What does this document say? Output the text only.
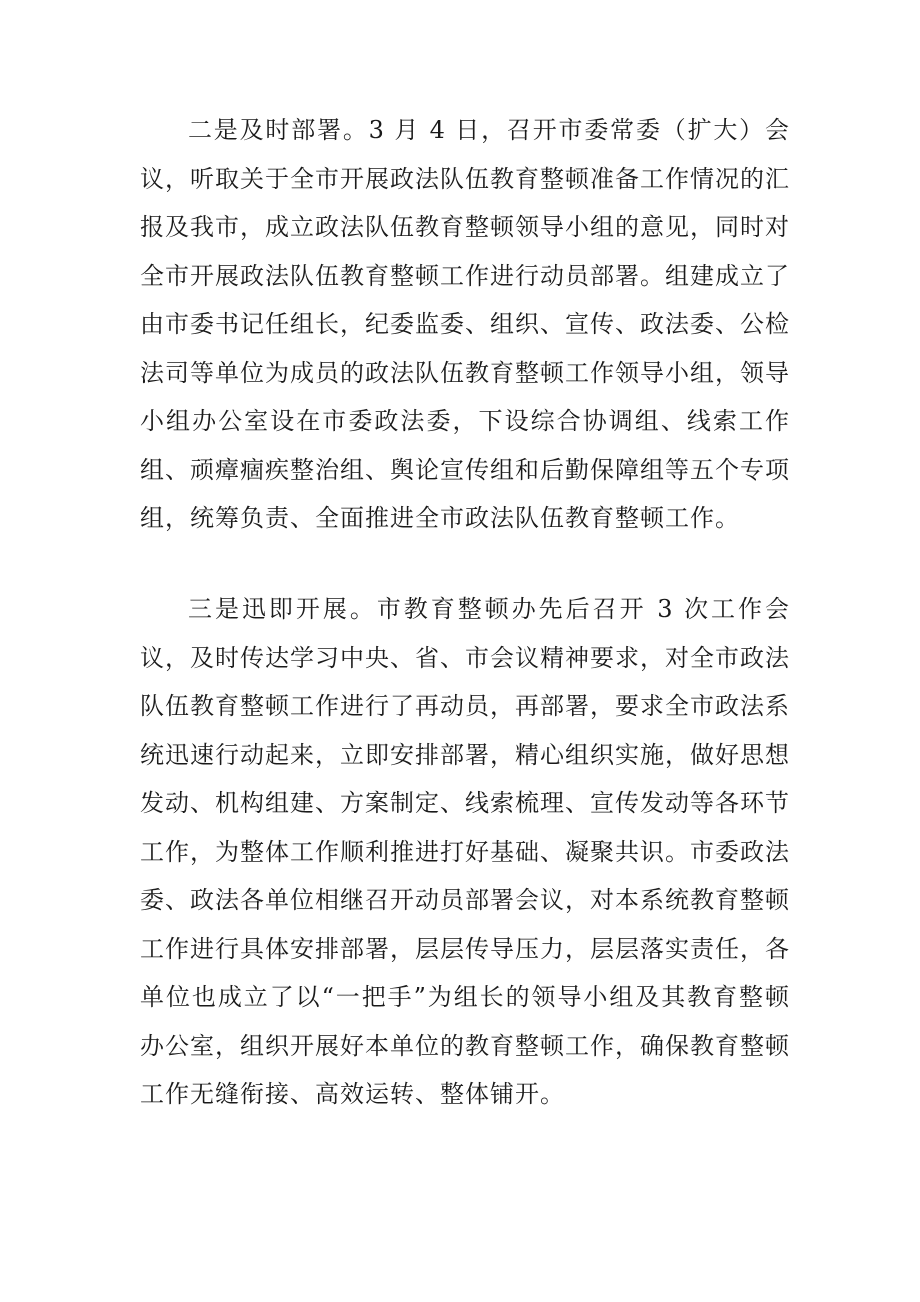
二是及时部署。3 月 4 日，召开市委常委（扩大）会议，听取关于全市开展政法队伍教育整顿准备工作情况的汇报及我市，成立政法队伍教育整顿领导小组的意见，同时对全市开展政法队伍教育整顿工作进行动员部署。组建成立了由市委书记任组长，纪委监委、组织、宣传、政法委、公检法司等单位为成员的政法队伍教育整顿工作领导小组，领导小组办公室设在市委政法委，下设综合协调组、线索工作组、顽瘴痼疾整治组、舆论宣传组和后勤保障组等五个专项组，统筹负责、全面推进全市政法队伍教育整顿工作。

三是迅即开展。市教育整顿办先后召开 3 次工作会议，及时传达学习中央、省、市会议精神要求，对全市政法队伍教育整顿工作进行了再动员，再部署，要求全市政法系统迅速行动起来，立即安排部署，精心组织实施，做好思想发动、机构组建、方案制定、线索梳理、宣传发动等各环节工作，为整体工作顺利推进打好基础、凝聚共识。市委政法委、政法各单位相继召开动员部署会议，对本系统教育整顿工作进行具体安排部署，层层传导压力，层层落实责任，各单位也成立了以“一把手”为组长的领导小组及其教育整顿办公室，组织开展好本单位的教育整顿工作，确保教育整顿工作无缝衔接、高效运转、整体铺开。
